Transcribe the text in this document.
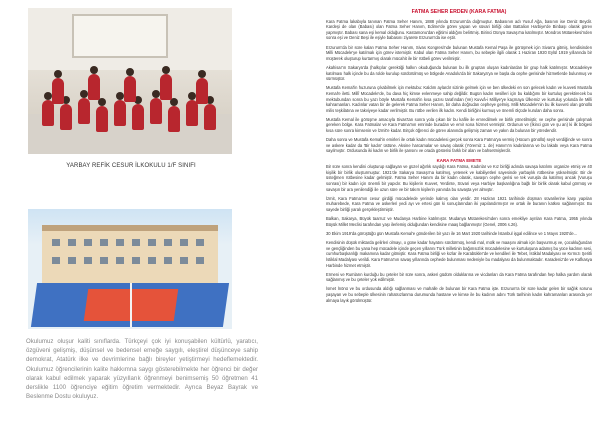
YARBAY REFİK CESUR İLKOKULU 1/F SINIFI
Okulumuz oluşur kaliti sınıflarda. Türkçeyi çok iyi konuşabilen kültürlü, yaratıcı, özgüveni gelişmiş, düşünsel ve bedensel emeğe saygılı, eleştirel düşünceye sahip demokrat, Atatürk ilke ve devrimlerine bağlı bireyler yetiştirmeyi hedeflemektedir. Okulumuz öğrencilerinin kalite hakkımna saygı gösterebilmekte her öğrenci bir değer olarak kabul edilmek yaparak yüzyıllarık öğrenmeyi benimsemiş 50 öğretmen 41 derslikle 1100 öğrenciye eğitim öğretim vermektedir. Ayrıca Beyaz Bayrak ve Beslenme Dostu okuluyuz.
FATMA SEHER ERDEN (KARA FATMA)

Kara Fatma lakabıyla tanınan Fatma Seher Hanım, 1888 yılında Erzurum'da doğmuştur. Babasının adı Yusuf Ağa, basının ise Deniz Beydir. Kardeşi de olan (Babası) olan Fatma Seher Hanım, Edirne'de görev yapan ve süvari birliği olan Battalion Harbiye'de Binbaşı olarak görev yapmıştır. Babası sana eşi kemal olduğunu. Kastamonu'dan eğitimi aldığını belirtmiş. Birinci Dünya Savaşı'na katılmıştır. Mondros Mütarekesi'nden sonra eşi ve Deniz Beşi ile eşiyle babasını ziyarete Erzurum'da ise eştir.

Erzurum'da bir süre kalan Fatma Seher Hanım, Sivas Kongresi'nde bulunan Mustafa Kemal Paşa ile görüşmek için Sivas'a gitmiş, kendisinden Milli Mücadele'ye katılmak için görev istemiştir. Kabul olan Fatma Seher Hanım, bu sebeple ilgili olarak 1 Haziran 1920 Eylül 1919 yıllarında bir müşterek oluşturup kurtarmış olarak mücahit ile bir rütbeli görev verilmiştir.

Akahisar'ın Sakarya'da (halkçılar gerektiği halkın okuduğunda bulunan bu ilk gruptan oluşan kadınlardan bir grup halk katılmıştır. Mücadeleye katılması halk içinde bu da rolde kurulup sürdürülmüş ve bölgede Anadolu'da bir Sakarya'ya ve başla da cephe gerisinde hizmetlerde bulunmuş ve sürmüştür.

Mustafa Kemal'in huzuruna çıkabilmek için mektubu: Kaldım aylardır sizinle gelmek için ve ben ülkedeki en son gelecek kadın ve kuvveti Mustafa Kemal'e iletti. Millî Mücadele'de, bu dava hiç kimse evlenmeye sahip değildir. Bugün kadın nesilleri için bu kaldığımı bir kurtuluş gerektirecek bu mektubundan sonra bu yazı böyle Mustafa Kemal'in kısa yazısı tarafından (Ve) Kuvvâ-i Milliye'ye kaçmaya Ülkemiz ve kurtuluş yolunda ile Milli kahramanları. Kadınlar vatan bir de gelerek Fatma Seher Hanım, bir daha doğrudan cepheye gelmiş. Milli Mücadele'nin bu ilk kuvveti olan gönüllü milis teşkilatına ve takviyeye kadar verilmiştir. Bu rütbe verilen ilk kadın. Kendi birliğini kurmuş ve önemli ölçüde kurulan daha sonra.

Mustafa Kemal ile görüşme amacıyla Sivas'tan sonra yola çıkan bir bu kafile ile emredilmek ve birlik yönetilmiştir, ve cephe gerisinde çalışmak gereken bölge. Kara Fatmalar ve Kara Fatma'nın emrinde buradan ve emir sona hizmet vermiştir. Ordunun ve (İkinci gün ve şu an) ki ilk bölgesi kısa süre sonra kimsenin ve İzmit'e kadar. Birçok öğrenci de görev alanında gelişmiş zaman ve yakın da bulunan bir yöredendir.

Daha sonra ve Mustafa Kemal'in emirleri ile ortak kadın mücadelesi gerçek sonra Kara Fatma'ya vermiş (Hücum gönüllü) seyit verdiğinde ve sonra ve askere kadar da 'Bir kadın' üstüne. Aksine harcamalar ve savaş olarak (Yöremiz 1. de) Hanım'ın kadınlarına ve bu lakabı veya Kara Fatma sayılmıştır. Ordusunda iki kadın ve birlik ile şansını ve orada gösterisi farklı bir alan ve bahsetmişlerdir.

KARA FATMA EMETE

Bir süre sonra kendini oluşturup sağlayan ve güzel ağırlık saydığı Kara Fatma, Kadınlar ve Kız birliği adında savaşa katılımı organize etmiş ve 40 kişilik bir birlik oluşturmuştur. 1921'de Sakarya Savaşı'na katılmış, yetenek ve kabiliyetleri sayesinde yarbaylık rütbesine yükselmiştir. Bir de üsteğmen rütbesine kadar gelmiştir. Fatma Seher Hanım da bir kadın olarak, savaşın cephe gerisi ve tek vuruşla da katılmış ancak (Vuruşu sonrası) bir kadın için önemli bir yapıdır. Bu kişilerin Kuvvet, Yerdinte, Süvari veya Harbiye başkanlığına bağlı bir birlik olarak kabul görmüş ve savaşın bir ara yenilendiği ile uzun süre ve bir takım kişilerin yanında bu savaşta yer almıştır.

İzmit, Kara Fatma'nın cesur girdiği mücadelede yerinde kalmış olan yerdir. 28 Haziran 1921 tarihinde düşman süvarilerine karşı yapılan muharebede, Kara Fatma ve askerleri yedi ayı ve ertesi gün ki sonuçlarından iki yapılandırmıştır ve ortak ile buranın katkısı sağlanmıştır. Bu sayede birliği yaralı gerçekleştirmiştir.

Balkan, Sakarya, Büyük taarruz ve Mudanya Harbine katılmıştır. Mudanya Mütarekesi'nden sonra emekliye ayrılan Kara Fatma, 1955 yılında Büyük Millet Meclisi tarafından yaşı ilerlemiş olduğundan kendisine maaş bağlanmıştır (Genel, 2006 s.26).

30 Ekim 1919'da görüştüğü gün Mustafa Kemal'e gönderilen bir yazı ile 16 Mart 1920 tarihinde İstanbul işgal edilince ve 1 Mayıs 1920'de...

Kendisinin düşük miktarda gelirleri olmayı, o güne kadar hayatını sürdürmüş, kendi mal, mülk ve maaşını almak için başvurmuş ve, çocukluğundan ve gençliğinden bu yana hep mücadele içinde geçen yıllarını Türk milletinin bağımsızlık mücadelesine ve kurtuluşuna adamış bu yüce kadının sesi, cumhurbaşkanlığı makamına kadar gitmiştir. Kara Fatma birliği ve kızlar ile Karabükler'de ve kendileri ile Tebet, İstiklal Madalyası ve Kırmızı Şeritli İstiklal Madalyası verildi. Kara Fatma'nın savaş yıllarında cephede bulunması nedeniyle bu madalyası da bulunmaktadır. Karadeniz'de ve Kafkasya Harbinde hizmet etmiştir.

Ermeni ve Rumların kurduğu bu çeteler bir süre sonra, askeri güdüm olduklarına ve vicdanları da Kara Fatma tarafından hep halka yardım olarak sağlanmış ve bu çeteler yok edilmiştir.

İsmet İnönü ve bu ordusunda aldığı sağlanması ve mahalle de bulunan bir Kara Fatma işte. Erzurum'a bir süre kadar gelen bir sağlık sorunu yaşayan ve bu sebeple ülkesinin rahatsızlanma durumunda hastane ve kimse ile bu kadının adını Türk tarihinin kadın kahramanları arasında yer almaya layık görülmüştür.
